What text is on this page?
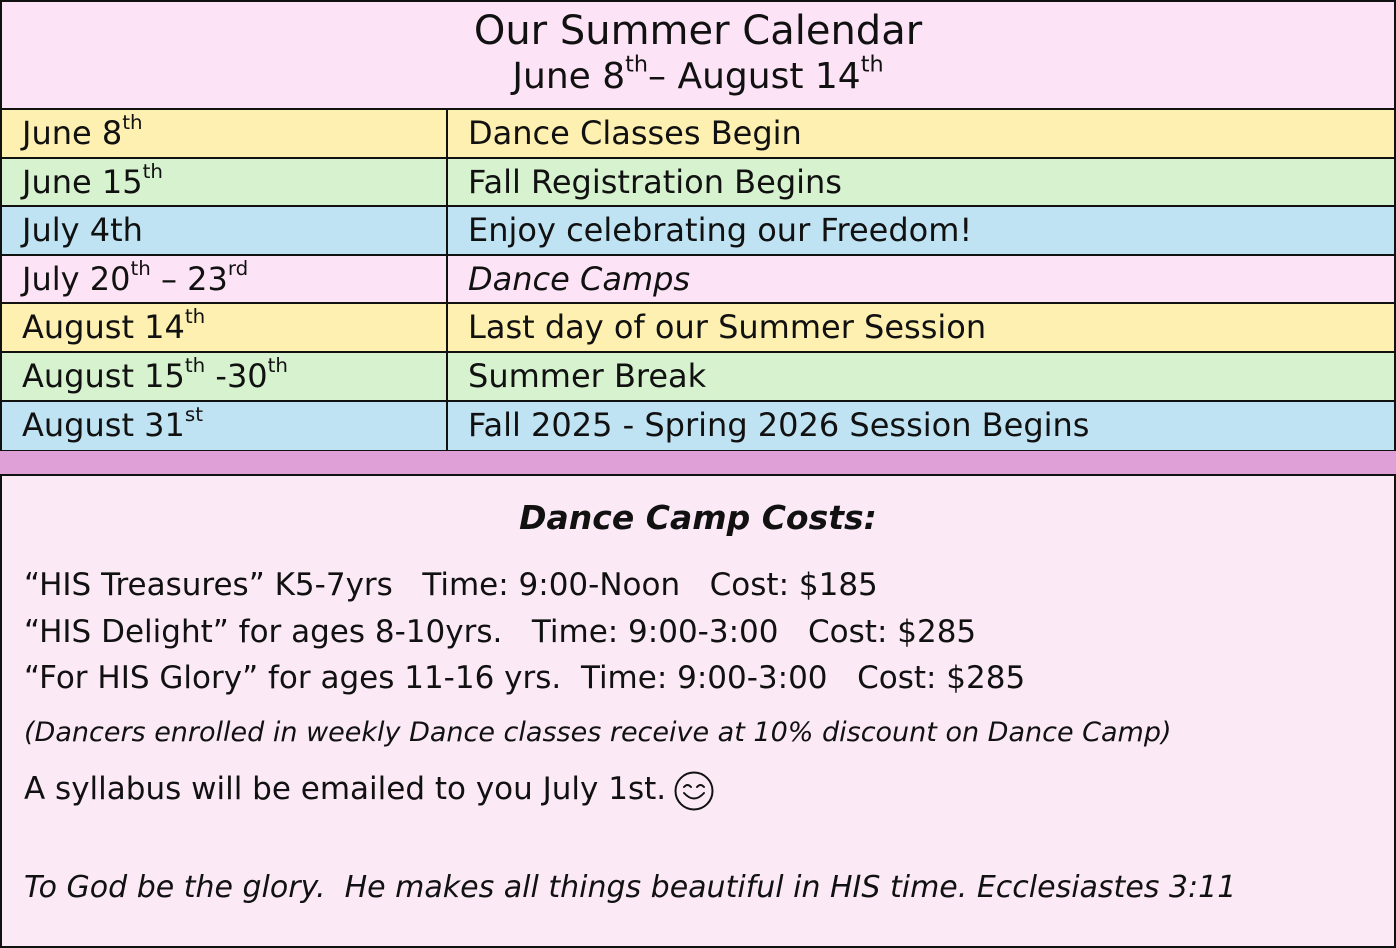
Our Summer Calendar
June 8th– August 14th
June 8th	Dance Classes Begin
June 15th	Fall Registration Begins
July 4th	Enjoy celebrating our Freedom!
July 20th – 23rd	Dance Camps
August 14th	Last day of our Summer Session
August 15th -30th	Summer Break
August 31st	Fall 2025 - Spring 2026 Session Begins
Dance Camp Costs:
“HIS Treasures” K5-7yrs   Time: 9:00-Noon   Cost: $185
“HIS Delight” for ages 8-10yrs.   Time: 9:00-3:00   Cost: $285
“For HIS Glory” for ages 11-16 yrs.  Time: 9:00-3:00   Cost: $285
(Dancers enrolled in weekly Dance classes receive at 10% discount on Dance Camp)
A syllabus will be emailed to you July 1st.
To God be the glory.  He makes all things beautiful in HIS time. Ecclesiastes 3:11
